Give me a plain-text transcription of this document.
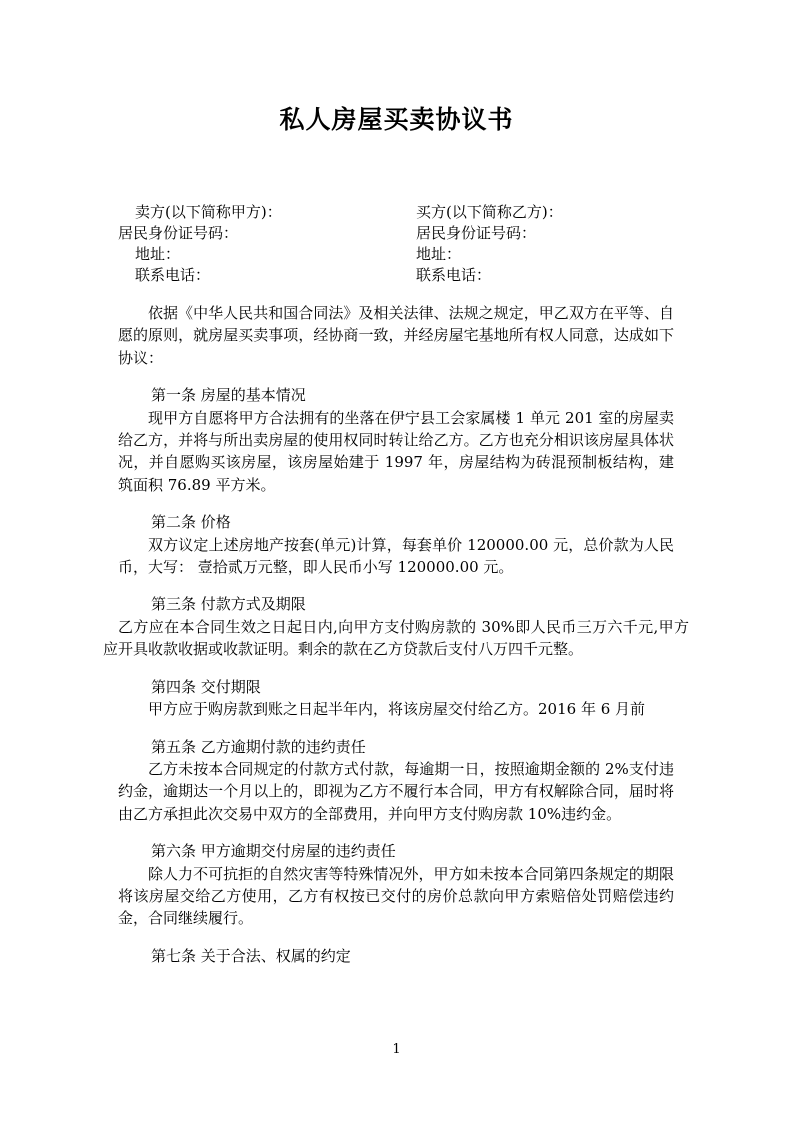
私人房屋买卖协议书
卖方(以下简称甲方)：	买方(以下简称乙方)：
居民身份证号码：	居民身份证号码：
地址：	地址：
联系电话：	联系电话：

依据《中华人民共和国合同法》及相关法律、法规之规定，甲乙双方在平等、自愿的原则，就房屋买卖事项，经协商一致，并经房屋宅基地所有权人同意，达成如下协议：

第一条 房屋的基本情况

现甲方自愿将甲方合法拥有的坐落在伊宁县工会家属楼 1 单元 201 室的房屋卖给乙方，并将与所出卖房屋的使用权同时转让给乙方。乙方也充分相识该房屋具体状况，并自愿购买该房屋，该房屋始建于 1997 年，房屋结构为砖混预制板结构，建筑面积 76.89 平方米。

第二条 价格

双方议定上述房地产按套(单元)计算，每套单价 120000.00 元，总价款为人民币，大写： 壹拾贰万元整，即人民币小写 120000.00 元。

第三条 付款方式及期限

乙方应在本合同生效之日起日内,向甲方支付购房款的 30%即人民币三万六千元,甲方应开具收款收据或收款证明。剩余的款在乙方贷款后支付八万四千元整。

第四条 交付期限

甲方应于购房款到账之日起半年内，将该房屋交付给乙方。2016 年 6 月前

第五条 乙方逾期付款的违约责任

乙方未按本合同规定的付款方式付款，每逾期一日，按照逾期金额的 2%支付违约金，逾期达一个月以上的，即视为乙方不履行本合同，甲方有权解除合同，届时将由乙方承担此次交易中双方的全部费用，并向甲方支付购房款 10%违约金。

第六条 甲方逾期交付房屋的违约责任

除人力不可抗拒的自然灾害等特殊情况外，甲方如未按本合同第四条规定的期限将该房屋交给乙方使用，乙方有权按已交付的房价总款向甲方索赔倍处罚赔偿违约金，合同继续履行。

第七条 关于合法、权属的约定

1
